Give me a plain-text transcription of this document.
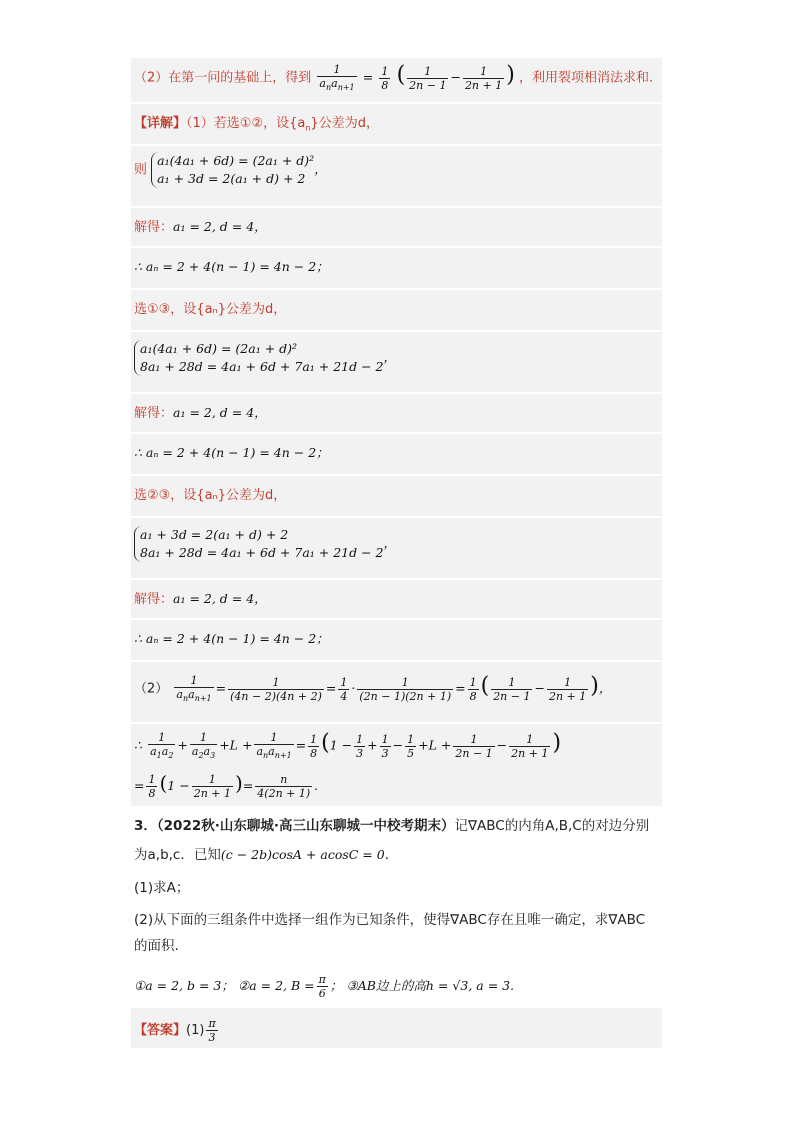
（2）在第一问的基础上，得到 $\frac{1}{a_na_{n+1}} = \frac{1}{8}$ ( $\frac{1}{2n - 1} - \frac{1}{2n + 1}$ ) ，利用裂项相消法求和.
【详解】（1）若选①②，设$\{a_n\}$公差为d，
则 a₁(4a₁ + 6d) = (2a₁ + d)²
a₁ + 3d = 2(a₁ + d) + 2，
解得：a₁ = 2, d = 4，
∴ aₙ = 2 + 4(n − 1) = 4n − 2；
选①③，设{aₙ}公差为d，
a₁(4a₁ + 6d) = (2a₁ + d)²
8a₁ + 28d = 4a₁ + 6d + 7a₁ + 21d − 2，
解得：a₁ = 2, d = 4，
∴ aₙ = 2 + 4(n − 1) = 4n − 2；
选②③，设{aₙ}公差为d，
a₁ + 3d = 2(a₁ + d) + 2
8a₁ + 28d = 4a₁ + 6d + 7a₁ + 21d − 2，
解得：a₁ = 2, d = 4，
∴ aₙ = 2 + 4(n − 1) = 4n − 2；
$(2) \frac{1}{a_na_{n+1}} = \frac{1}{(4n - 2)(4n + 2)} = \frac{1}{4} \cdot \frac{1}{(2n - 1)(2n + 1)} = \frac{1}{8}$ ( $\frac{1}{2n - 1} - \frac{1}{2n + 1}$ )，
∴ $\frac{1}{a_1a_2} + \frac{1}{a_2a_3} +L + \frac{1}{a_na_{n+1}} = \frac{1}{8} (1 - \frac{1}{3} + \frac{1}{3} - \frac{1}{5} +L + \frac{1}{2n - 1} - \frac{1}{2n + 1}$ )
= $\frac{1}{8} (1 - \frac{1}{2n + 1}$ )= $\frac{n}{4(2n + 1)}$ .
3．（2022秋·山东聊城·高三山东聊城一中校考期末）记∇ABC的内角A,B,C的对边分别
为a,b,c．已知(c − 2b)cosA + acosC = 0．
(1)求A；
(2)从下面的三组条件中选择一组作为已知条件，使得∇ABC存在且唯一确定，求∇ABC
的面积.
①a = 2, b = 3； ②a = 2, $B = \frac{\pi}{6}$ ； ③AB边上的高h = √3, a = 3.
【答案】$(1) \frac{\pi}{3}$
